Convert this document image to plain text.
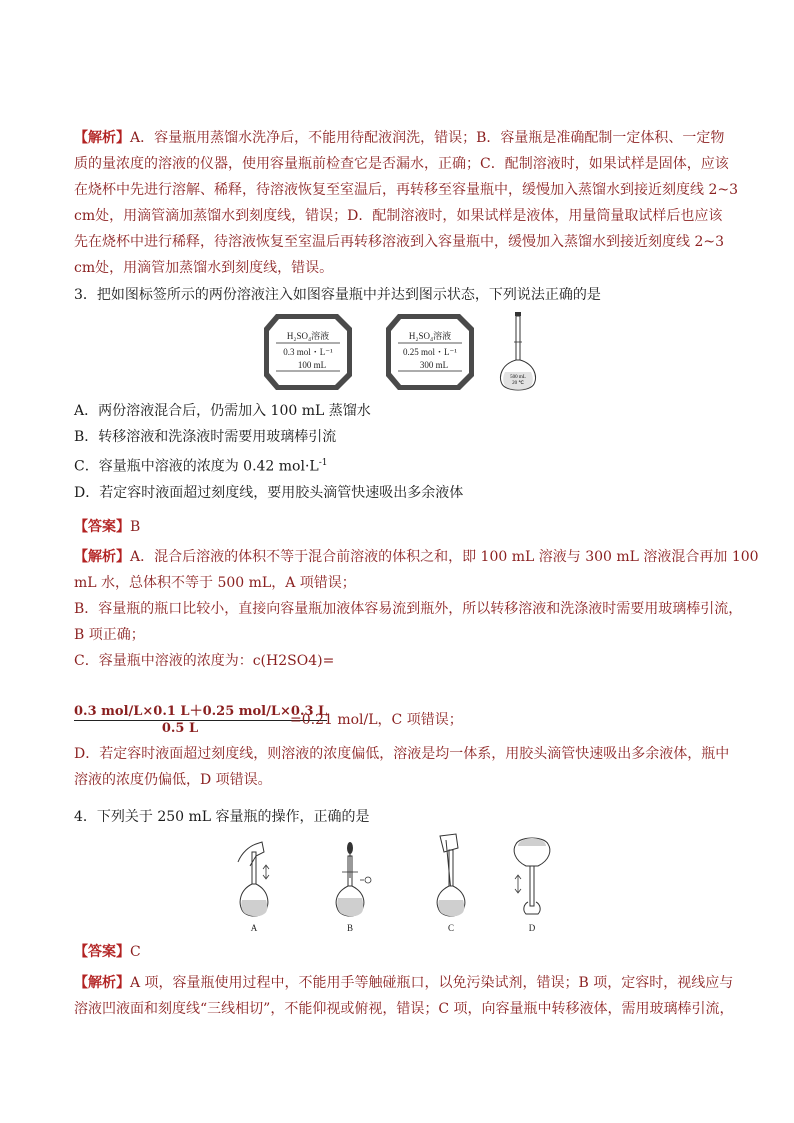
【解析】A．容量瓶用蒸馏水洗净后，不能用待配液润洗，错误；B．容量瓶是准确配制一定体积、一定物
质的量浓度的溶液的仪器，使用容量瓶前检查它是否漏水，正确；C．配制溶液时，如果试样是固体，应该
在烧杯中先进行溶解、稀释，待溶液恢复至室温后，再转移至容量瓶中，缓慢加入蒸馏水到接近刻度线 2~3
cm处，用滴管滴加蒸馏水到刻度线，错误；D．配制溶液时，如果试样是液体，用量筒量取试样后也应该
先在烧杯中进行稀释，待溶液恢复至室温后再转移溶液到入容量瓶中，缓慢加入蒸馏水到接近刻度线 2~3
cm处，用滴管加蒸馏水到刻度线，错误。
3．把如图标签所示的两份溶液注入如图容量瓶中并达到图示状态，下列说法正确的是
H₂SO₄溶液
0.3 mol・L⁻¹
100 mL
H₂SO₄溶液
0.25 mol・L⁻¹
300 mL
500 mL
20 ℃
A．两份溶液混合后，仍需加入 100 mL 蒸馏水
B．转移溶液和洗涤液时需要用玻璃棒引流
C．容量瓶中溶液的浓度为 0.42 $mol\cdot L^{-1}$
D．若定容时液面超过刻度线，要用胶头滴管快速吸出多余液体
【答案】B
【解析】A．混合后溶液的体积不等于混合前溶液的体积之和，即 100 mL 溶液与 300 mL 溶液混合再加 100
mL 水，总体积不等于 500 mL，A 项错误；
B．容量瓶的瓶口比较小，直接向容量瓶加液体容易流到瓶外，所以转移溶液和洗涤液时需要用玻璃棒引流，
B 项正确；
C．容量瓶中溶液的浓度为：c(H2SO4)=
0.3 mol/L×0.1 L＋0.25 mol/L×0.3 L
0.5 L
=0.21 mol/L，C 项错误；
D．若定容时液面超过刻度线，则溶液的浓度偏低，溶液是均一体系，用胶头滴管快速吸出多余液体，瓶中
溶液的浓度仍偏低，D 项错误。
4．下列关于 250 mL 容量瓶的操作，正确的是
A	B	C	D
【答案】C
【解析】A 项，容量瓶使用过程中，不能用手等触碰瓶口，以免污染试剂，错误；B 项，定容时，视线应与
溶液凹液面和刻度线“三线相切”，不能仰视或俯视，错误；C 项，向容量瓶中转移液体，需用玻璃棒引流，
